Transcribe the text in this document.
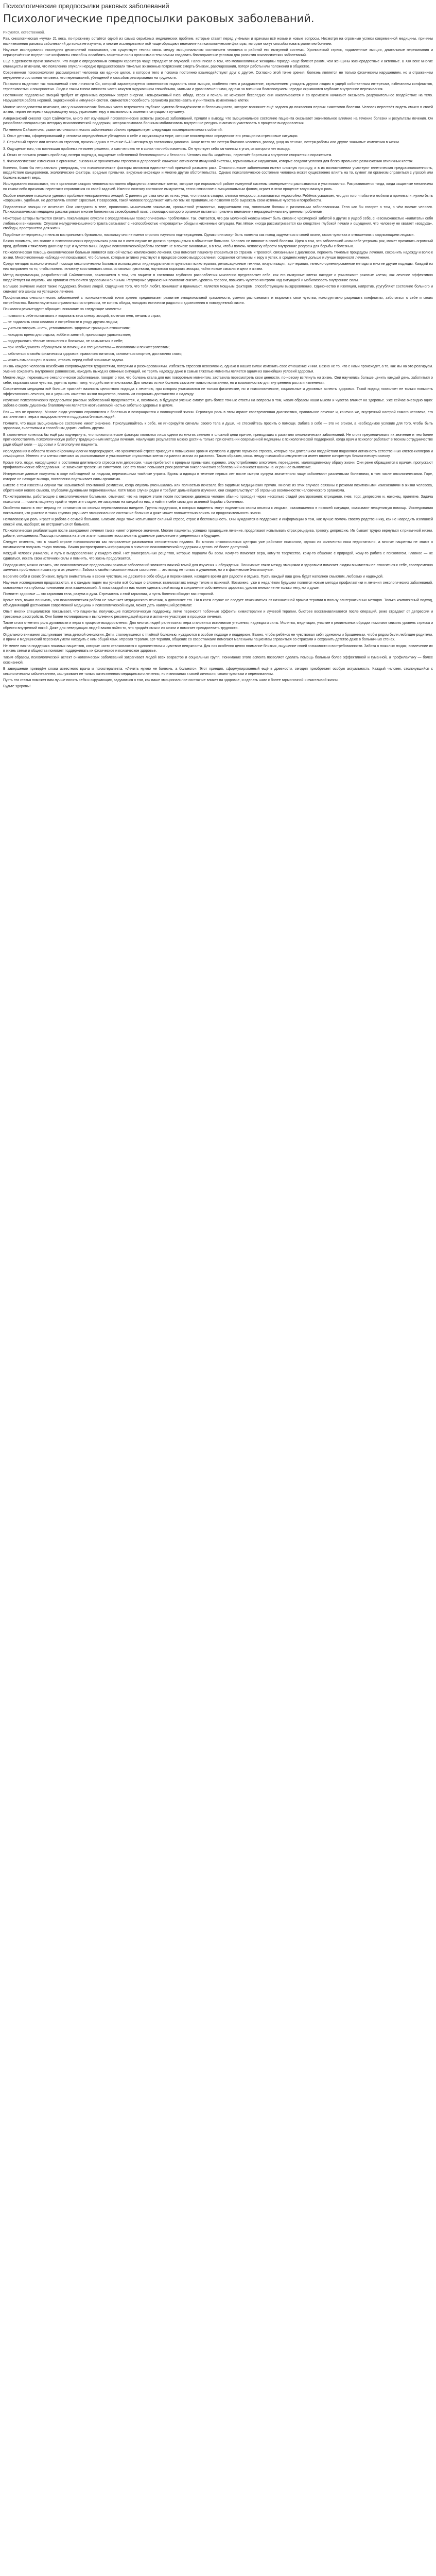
Психологические предпосылки раковых заболеваний
Психологические предпосылки раковых заболеваний.
Рисуются, естественной.

Рак, онкологическая «чума» 21 века, по-прежнему остаётся одной из самых серьёзных медицинских проблем, которые ставят перед учёными и врачами всё новые и новые вопросы. Несмотря на огромные успехи современной медицины, причины возникновения раковых заболеваний до конца не изучены, и многие исследователи всё чаще обращают внимание на психологические факторы, которые могут способствовать развитию болезни.

Научные исследования последних десятилетий показывают, что существует тесная связь между эмоциональным состоянием человека и работой его иммунной системы. Хронический стресс, подавленные эмоции, длительные переживания и неразрешённые внутренние конфликты способны ослаблять защитные силы организма и тем самым создавать благоприятные условия для развития онкологических заболеваний.

Ещё в древности врачи замечали, что люди с определённым складом характера чаще страдают от опухолей. Гален писал о том, что меланхоличные женщины гораздо чаще болеют раком, чем женщины жизнерадостные и активные. В XIX веке многие клиницисты отмечали, что появлению опухоли нередко предшествовали тяжёлые жизненные потрясения: смерть близких, разочарования, потеря работы или положения в обществе.

Современная психоонкология рассматривает человека как единое целое, в котором тело и психика постоянно взаимодействуют друг с другом. Согласно этой точке зрения, болезнь является не только физическим нарушением, но и отражением внутреннего состояния человека, его переживаний, убеждений и способов реагирования на трудности.

Психологи выделяют так называемый «тип личности С», который характеризуется склонностью подавлять свои эмоции, особенно гнев и раздражение, стремлением угождать другим людям в ущерб собственным интересам, избеганием конфликтов, терпеливостью и покорностью. Люди с таким типом личности часто кажутся окружающим спокойными, милыми и уравновешенными, однако за внешним благополучием нередко скрываются глубокие внутренние переживания.

Постоянное подавление эмоций требует от организма огромных затрат энергии. Невыраженный гнев, обида, страх и печаль не исчезают бесследно: они накапливаются и со временем начинают оказывать разрушительное воздействие на тело. Нарушается работа нервной, эндокринной и иммунной систем, снижается способность организма распознавать и уничтожать изменённые клетки.

Многие исследователи отмечают, что у онкологических больных часто встречается глубокое чувство безнадёжности и беспомощности, которое возникает ещё задолго до появления первых симптомов болезни. Человек перестаёт видеть смысл в своей жизни, теряет интерес к окружающему миру, утрачивает веру в возможность изменить ситуацию к лучшему.

Американский онколог Карл Саймонтон, много лет изучавший психологические аспекты раковых заболеваний, пришёл к выводу, что эмоциональное состояние пациента оказывает значительное влияние на течение болезни и результаты лечения. Он разработал специальную методику психологической поддержки, которая помогала больным мобилизовать внутренние ресурсы и активно участвовать в процессе выздоровления.

По мнению Саймонтона, развитию онкологического заболевания обычно предшествует следующая последовательность событий:

1. Опыт детства, сформировавший у человека определённые убеждения о себе и окружающем мире, которые впоследствии определяют его реакции на стрессовые ситуации.

2. Серьёзный стресс или несколько стрессов, произошедших в течение 6–18 месяцев до постановки диагноза. Чаще всего это потеря близкого человека, развод, уход на пенсию, потеря работы или другие значимые изменения в жизни.

3. Ощущение того, что возникшая проблема не имеет решения, а сам человек не в силах что-либо изменить. Он чувствует себя загнанным в угол, из которого нет выхода.

4. Отказ от попыток решить проблему, потеря надежды, ощущение собственной беспомощности и бессилия. Человек как бы «сдаётся», перестаёт бороться и внутренне смиряется с поражением.

5. Физиологические изменения в организме, вызванные хроническим стрессом и депрессией: снижение активности иммунной системы, гормональные нарушения, которые создают условия для бесконтрольного размножения атипичных клеток.

Конечно, было бы неправильно утверждать, что психологические факторы являются единственной причиной развития рака. Онкологические заболевания имеют сложную природу, и в их возникновении участвуют генетическая предрасположенность, воздействие канцерогенов, экологические факторы, вредные привычки, вирусные инфекции и многие другие обстоятельства. Однако психологическое состояние человека может существенно влиять на то, сумеет ли организм справиться с угрозой или болезнь возьмёт верх.

Исследования показывают, что в организме каждого человека постоянно образуются атипичные клетки, которые при нормальной работе иммунной системы своевременно распознаются и уничтожаются. Рак развивается тогда, когда защитные механизмы по каким-либо причинам перестают справляться со своей задачей. Именно поэтому состояние иммунитета, тесно связанное с эмоциональным фоном, играет в этом процессе такую важную роль.

Особое внимание психологи уделяют проблеме невыраженных эмоций. С раннего детства многих из нас учат, что плакать стыдно, злиться нехорошо, а жаловаться недостойно. Ребёнок усваивает, что для того, чтобы его любили и принимали, нужно быть «хорошим», удобным, не доставлять хлопот взрослым. Повзрослев, такой человек продолжает жить по тем же правилам, не позволяя себе выражать свои истинные чувства и потребности.

Подавленные эмоции не исчезают. Они «оседают» в теле, проявляясь мышечными зажимами, хронической усталостью, нарушениями сна, головными болями и различными заболеваниями. Тело как бы говорит о том, о чём молчит человек. Психосоматическая медицина рассматривает многие болезни как своеобразный язык, с помощью которого организм пытается привлечь внимание к неразрешённым внутренним проблемам.

Некоторые авторы пытаются связать локализацию опухоли с определёнными психологическими проблемами. Так, считается, что рак молочной железы может быть связан с чрезмерной заботой о других в ущерб себе, с невозможностью «напитать» себя любовью и вниманием. Опухоли желудочно-кишечного тракта связывают с неспособностью «переварить» обиды и жизненные ситуации. Рак лёгких иногда рассматривается как следствие глубокой печали и ощущения, что человеку не хватает «воздуха», свободы, пространства для жизни.

Подобные интерпретации нельзя воспринимать буквально, поскольку они не имеют строгого научного подтверждения. Однако они могут быть полезны как повод задуматься о своей жизни, своих чувствах и отношениях с окружающими людьми.

Важно понимать, что знание о психологических предпосылках рака ни в коем случае не должно превращаться в обвинение больного. Человек не виноват в своей болезни. Идея о том, что заболевший «сам себе устроил» рак, может причинить огромный вред, добавив к тяжёлому диагнозу ещё и чувство вины. Задача психологической работы состоит не в поиске виноватых, а в том, чтобы помочь человеку обрести внутренние ресурсы для борьбы с болезнью.

Психологическая помощь онкологическим больным является важной частью комплексного лечения. Она помогает пациенту справиться со страхом и тревогой, связанными с диагнозом, пережить тяжёлые процедуры лечения, сохранить надежду и волю к жизни. Многочисленные наблюдения показывают, что больные, которые активно участвуют в процессе своего выздоровления, сохраняют оптимизм и веру в успех, в среднем живут дольше и лучше переносят лечение.

Среди методов психологической помощи онкологическим больным используются индивидуальная и групповая психотерапия, релаксационные техники, визуализация, арт-терапия, телесно-ориентированные методы и многие другие подходы. Каждый из них направлен на то, чтобы помочь человеку восстановить связь со своими чувствами, научиться выражать эмоции, найти новые смыслы и цели в жизни.

Метод визуализации, разработанный Саймонтоном, заключается в том, что пациент в состоянии глубокого расслабления мысленно представляет себе, как его иммунные клетки находят и уничтожают раковые клетки, как лечение эффективно воздействует на опухоль, как организм становится здоровым и сильным. Регулярные упражнения помогают снизить уровень тревоги, повысить чувство контроля над ситуацией и мобилизовать внутренние силы.

Большое значение имеет также поддержка близких людей. Ощущение того, что тебя любят, понимают и принимают, является мощным фактором, способствующим выздоровлению. Одиночество и изоляция, напротив, усугубляют состояние больного и снижают его шансы на успешное лечение.

Профилактика онкологических заболеваний с психологической точки зрения предполагает развитие эмоциональной грамотности, умения распознавать и выражать свои чувства, конструктивно разрешать конфликты, заботиться о себе и своих потребностях. Важно научиться справляться со стрессом, не копить обиды, находить источники радости и вдохновения в повседневной жизни.

Психологи рекомендуют обращать внимание на следующие моменты:

— позволять себе испытывать и выражать весь спектр эмоций, включая гнев, печаль и страх;

— не подавлять свои желания и потребности в угоду другим людям;

— учиться говорить «нет», устанавливать здоровые границы в отношениях;

— находить время для отдыха, хобби и занятий, приносящих удовольствие;

— поддерживать тёплые отношения с близкими, не замыкаться в себе;

— при необходимости обращаться за помощью к специалистам — психологам и психотерапевтам;

— заботиться о своём физическом здоровье: правильно питаться, заниматься спортом, достаточно спать;

— искать смысл и цель в жизни, ставить перед собой значимые задачи.

Жизнь каждого человека неизбежно сопровождается трудностями, потерями и разочарованиями. Избежать стрессов невозможно, однако в наших силах изменить своё отношение к ним. Важно не то, что с нами происходит, а то, как мы на это реагируем. Умение сохранять внутреннее равновесие, находить выход из сложных ситуаций, не терять надежду даже в самые тяжёлые моменты является одним из важнейших условий здоровья.

Многие люди, пережившие онкологическое заболевание, говорят о том, что болезнь стала для них поворотным моментом, заставила пересмотреть свои ценности, по-новому взглянуть на жизнь. Они научились больше ценить каждый день, заботиться о себе, выражать свои чувства, уделять время тому, что действительно важно. Для многих из них болезнь стала не только испытанием, но и возможностью для внутреннего роста и изменения.

Современная медицина всё больше признаёт важность целостного подхода к лечению, при котором учитываются не только физические, но и психологические, социальные и духовные аспекты здоровья. Такой подход позволяет не только повысить эффективность лечения, но и улучшить качество жизни пациентов, помочь им сохранить достоинство и надежду.

Изучение психологических предпосылок раковых заболеваний продолжается, и, возможно, в будущем учёные смогут дать более точные ответы на вопросы о том, каким образом наши мысли и чувства влияют на здоровье. Уже сейчас очевидно одно: забота о своём душевном благополучии является неотъемлемой частью заботы о здоровье в целом.

Рак — это не приговор. Многие люди успешно справляются с болезнью и возвращаются к полноценной жизни. Огромную роль в этом играют своевременная диагностика, правильное лечение и, конечно же, внутренний настрой самого человека, его желание жить, вера в выздоровление и поддержка близких людей.

Помните, что ваше эмоциональное состояние имеет значение. Прислушивайтесь к себе, не игнорируйте сигналы своего тела и души, не стесняйтесь просить о помощи. Забота о себе — это не эгоизм, а необходимое условие для того, чтобы быть здоровым, счастливым и способным дарить любовь другим.

В заключение хотелось бы ещё раз подчеркнуть, что психологические факторы являются лишь одним из многих звеньев в сложной цепи причин, приводящих к развитию онкологических заболеваний. Не стоит преувеличивать их значение и тем более противопоставлять психологическую работу традиционным методам лечения. Наилучших результатов можно достичь только при сочетании современной медицины с психологической поддержкой, когда врач и психолог работают в тесном сотрудничестве ради общей цели — здоровья и благополучия пациента.

Исследования в области психонейроиммунологии подтверждают, что хронический стресс приводит к повышению уровня кортизола и других гормонов стресса, которые при длительном воздействии подавляют активность естественных клеток-киллеров и лимфоцитов. Именно эти клетки отвечают за распознавание и уничтожение опухолевых клеток на ранних этапах их развития. Таким образом, связь между психикой и иммунитетом имеет вполне конкретную биологическую основу.

Кроме того, люди, находящиеся в состоянии длительного стресса или депрессии, чаще прибегают к вредным привычкам: курению, злоупотреблению алкоголем, перееданию, малоподвижному образу жизни. Они реже обращаются к врачам, пропускают профилактические обследования, не замечают тревожных симптомов. Всё это также повышает риск развития онкологических заболеваний и снижает шансы на их раннее выявление.

Интересные данные получены в ходе наблюдений за людьми, пережившими тяжёлые утраты. Вдовы и вдовцы в течение первых лет после смерти супруга значительно чаще заболевают различными болезнями, в том числе онкологическими. Горе, которое не находит выхода, постепенно подтачивает силы организма.

Вместе с тем известны случаи так называемой спонтанной ремиссии, когда опухоль уменьшалась или полностью исчезала без видимых медицинских причин. Многие из этих случаев связаны с резкими позитивными изменениями в жизни человека, обретением нового смысла, глубокими духовными переживаниями. Хотя такие случаи редки и требуют дальнейшего изучения, они свидетельствуют об огромных возможностях человеческого организма.

Психотерапевты, работающие с онкологическими больными, отмечают, что на первом этапе после постановки диагноза человек обычно проходит через несколько стадий реагирования: отрицание, гнев, торг, депрессию и, наконец, принятие. Задача психолога — помочь пациенту пройти через эти стадии, не застревая на каждой из них, и найти в себе силы для активной борьбы с болезнью.

Особенно важно в этот период не оставаться со своими переживаниями наедине. Группы поддержки, в которых пациенты могут поделиться своим опытом с людьми, оказавшимися в похожей ситуации, оказывают неоценимую помощь. Исследования показывают, что участие в таких группах улучшает эмоциональное состояние больных и даже может положительно влиять на продолжительность жизни.

Немаловажную роль играет и работа с семьёй больного. Близкие люди тоже испытывают сильный стресс, страх и беспомощность. Они нуждаются в поддержке и информации о том, как лучше помочь своему родственнику, как не навредить излишней опекой или, наоборот, не отстраниться от больного.

Психологическая реабилитация после завершения лечения также имеет огромное значение. Многие пациенты, успешно прошедшие лечение, продолжают испытывать страх рецидива, тревогу, депрессию. Им бывает трудно вернуться к привычной жизни, работе, отношениям. Помощь психолога на этом этапе позволяет восстановить душевное равновесие и уверенность в будущем.

Следует отметить, что в нашей стране психоонкология как направление развивается относительно недавно. Во многих онкологических центрах уже работают психологи, однако их количество пока недостаточно, а многие пациенты не знают о возможности получить такую помощь. Важно распространять информацию о значении психологической поддержки и делать её более доступной.

Каждый человек уникален, и путь к выздоровлению у каждого свой. Нет универсальных рецептов, которые подошли бы всем. Кому-то помогает вера, кому-то творчество, кому-то общение с природой, кому-то работа с психологом. Главное — не сдаваться, искать свои источники силы и помнить, что жизнь продолжается.

Подводя итог, можно сказать, что психологические предпосылки раковых заболеваний являются важной темой для изучения и обсуждения. Понимание связи между эмоциями и здоровьем помогает людям внимательнее относиться к себе, своевременно замечать проблемы и искать пути их решения. Забота о своём психологическом состоянии — это вклад не только в душевное, но и в физическое благополучие.

Берегите себя и своих близких. Будьте внимательны к своим чувствам, не держите в себе обиды и переживания, находите время для радости и отдыха. Пусть каждый ваш день будет наполнен смыслом, любовью и надеждой.

Научные исследования продолжаются, и с каждым годом мы узнаём всё больше о сложных взаимосвязях между телом и психикой. Возможно, уже в недалёком будущем появятся новые методы профилактики и лечения онкологических заболеваний, основанные на глубоком понимании этих взаимосвязей. А пока каждый из нас может сделать свой вклад в сохранение собственного здоровья, уделяя внимание не только телу, но и душе.

Помните: здоровье — это гармония тела, разума и духа. Стремитесь к этой гармонии, и пусть болезни обходят вас стороной.

Кроме того, важно понимать, что психологическая работа не заменяет медицинского лечения, а дополняет его. Ни в коем случае не следует отказываться от назначенной врачом терапии в пользу альтернативных методов. Только комплексный подход, объединяющий достижения современной медицины и психологической науки, может дать наилучший результат.

Опыт многих специалистов показывает, что пациенты, получающие психологическую поддержку, легче переносят побочные эффекты химиотерапии и лучевой терапии, быстрее восстанавливаются после операций, реже страдают от депрессии и тревожных расстройств. Они более мотивированы к выполнению рекомендаций врача и активнее участвуют в процессе лечения.

Также стоит отметить роль духовности и веры в процессе выздоровления. Для многих людей религиозная вера становится источником утешения, надежды и силы. Молитва, медитация, участие в религиозных обрядах помогают снизить уровень стресса и обрести внутренний покой. Даже для неверующих людей важно найти то, что придаёт смысл их жизни и помогает преодолевать трудности.

Отдельного внимания заслуживает тема детской онкологии. Дети, столкнувшиеся с тяжёлой болезнью, нуждаются в особом подходе и поддержке. Важно, чтобы ребёнок не чувствовал себя одиноким и брошенным, чтобы рядом были любящие родители, а врачи и медицинский персонал умели находить с ним общий язык. Игровая терапия, арт-терапия, общение со сверстниками помогают маленьким пациентам справиться со страхами и сохранить детство даже в больничных стенах.

Не менее важна поддержка пожилых пациентов, которые часто сталкиваются с одиночеством и чувством ненужности. Для них особенно ценно внимание близких, ощущение своей значимости и востребованности. Забота о пожилых людях, вовлечение их в жизнь семьи и общества помогает поддерживать их физическое и психическое здоровье.

Таким образом, психологический аспект онкологических заболеваний затрагивает людей всех возрастов и социальных групп. Понимание этого аспекта позволяет сделать помощь больным более эффективной и гуманной, а профилактику — более осознанной.

В завершение приведём слова известного врача и психотерапевта: «Лечить нужно не болезнь, а больного». Этот принцип, сформулированный ещё в древности, сегодня приобретает особую актуальность. Каждый человек, столкнувшийся с онкологическим заболеванием, заслуживает не только качественного медицинского лечения, но и внимания к своей личности, своим чувствам и переживаниям.

Пусть эта статья поможет вам лучше понять себя и окружающих, задуматься о том, как ваше эмоциональное состояние влияет на здоровье, и сделать шаги к более гармоничной и счастливой жизни.

Будьте здоровы!
